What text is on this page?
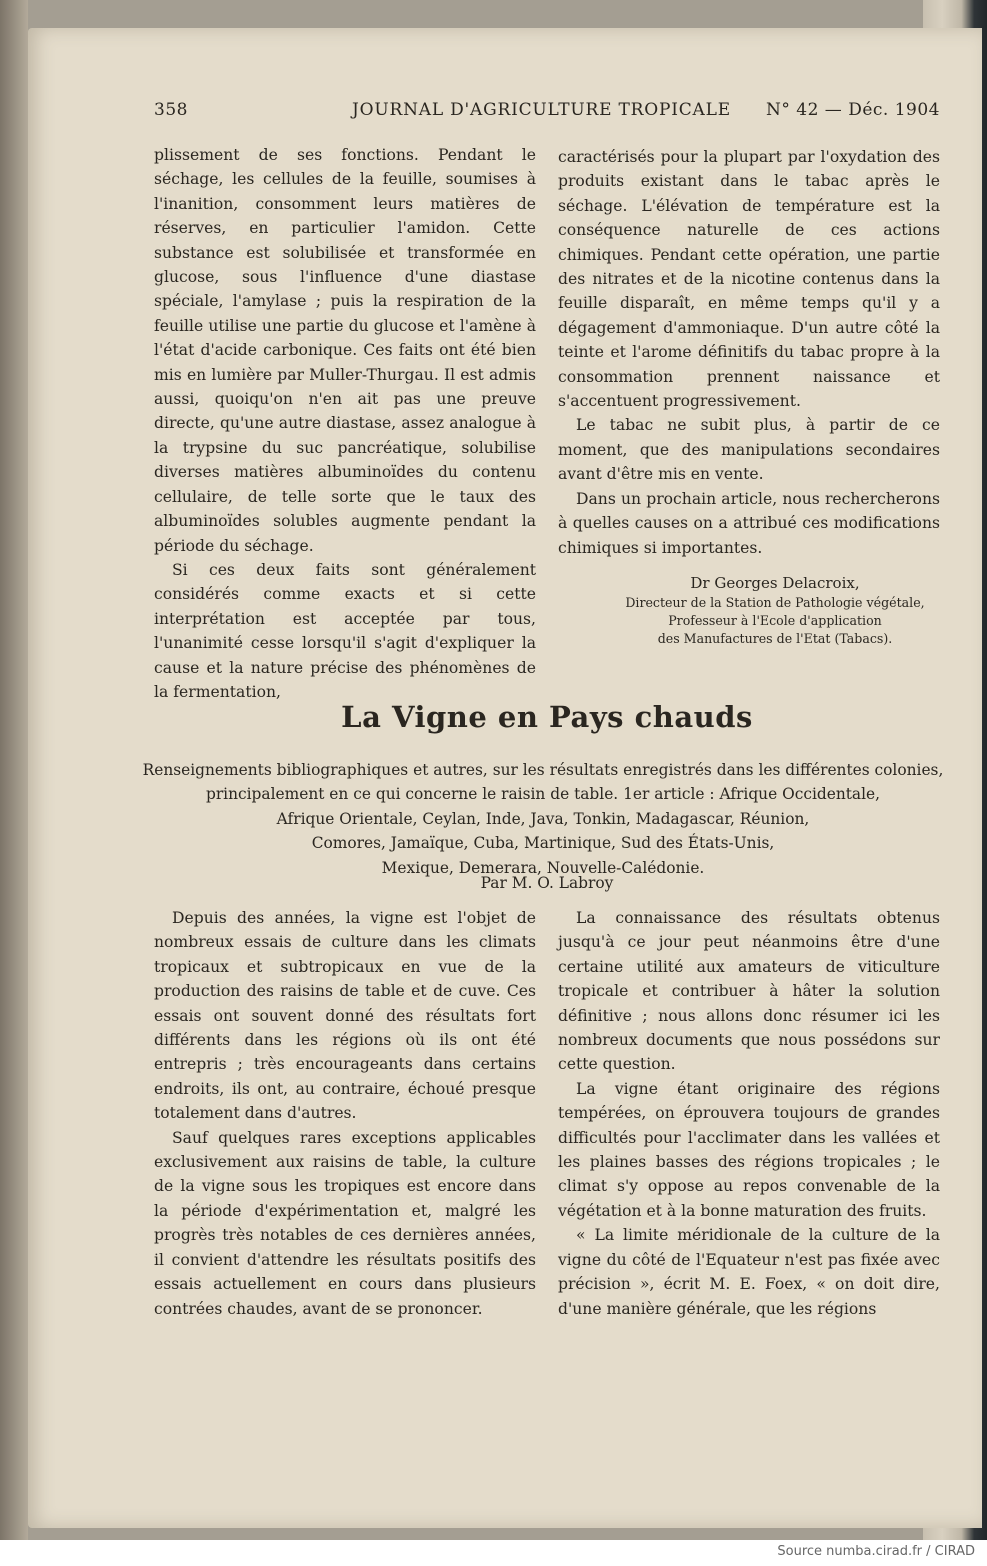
358	JOURNAL D'AGRICULTURE TROPICALE N° 42 — Déc. 1904

plissement de ses fonctions. Pendant le séchage, les cellules de la feuille, soumises à l'inanition, consomment leurs matières de réserves, en particulier l'amidon. Cette substance est solubilisée et transformée en glucose, sous l'influence d'une diastase spéciale, l'amylase ; puis la respiration de la feuille utilise une partie du glucose et l'amène à l'état d'acide carbonique. Ces faits ont été bien mis en lumière par Muller-Thurgau. Il est admis aussi, quoiqu'on n'en ait pas une preuve directe, qu'une autre diastase, assez analogue à la trypsine du suc pancréatique, solubilise diverses matières albuminoïdes du contenu cellulaire, de telle sorte que le taux des albuminoïdes solubles augmente pendant la période du séchage.

Si ces deux faits sont généralement considérés comme exacts et si cette interprétation est acceptée par tous, l'unanimité cesse lorsqu'il s'agit d'expliquer la cause et la nature précise des phénomènes de la fermentation,

caractérisés pour la plupart par l'oxydation des produits existant dans le tabac après le séchage. L'élévation de température est la conséquence naturelle de ces actions chimiques. Pendant cette opération, une partie des nitrates et de la nicotine contenus dans la feuille disparaît, en même temps qu'il y a dégagement d'ammoniaque. D'un autre côté la teinte et l'arome définitifs du tabac propre à la consommation prennent naissance et s'accentuent progressivement.

Le tabac ne subit plus, à partir de ce moment, que des manipulations secondaires avant d'être mis en vente.

Dans un prochain article, nous rechercherons à quelles causes on a attribué ces modifications chimiques si importantes.

Dr Georges Delacroix,
Directeur de la Station de Pathologie végétale,
Professeur à l'Ecole d'application
des Manufactures de l'Etat (Tabacs).
La Vigne en Pays chauds
Renseignements bibliographiques et autres, sur les résultats enregistrés dans les différentes colonies,
principalement en ce qui concerne le raisin de table. 1er article : Afrique Occidentale,
Afrique Orientale, Ceylan, Inde, Java, Tonkin, Madagascar, Réunion,
Comores, Jamaïque, Cuba, Martinique, Sud des États-Unis,
Mexique, Demerara, Nouvelle-Calédonie.
Par M. O. Labroy

Depuis des années, la vigne est l'objet de nombreux essais de culture dans les climats tropicaux et subtropicaux en vue de la production des raisins de table et de cuve. Ces essais ont souvent donné des résultats fort différents dans les régions où ils ont été entrepris ; très encourageants dans certains endroits, ils ont, au contraire, échoué presque totalement dans d'autres.

Sauf quelques rares exceptions applicables exclusivement aux raisins de table, la culture de la vigne sous les tropiques est encore dans la période d'expérimentation et, malgré les progrès très notables de ces dernières années, il convient d'attendre les résultats positifs des essais actuellement en cours dans plusieurs contrées chaudes, avant de se prononcer.

La connaissance des résultats obtenus jusqu'à ce jour peut néanmoins être d'une certaine utilité aux amateurs de viticulture tropicale et contribuer à hâter la solution définitive ; nous allons donc résumer ici les nombreux documents que nous possédons sur cette question.

La vigne étant originaire des régions tempérées, on éprouvera toujours de grandes difficultés pour l'acclimater dans les vallées et les plaines basses des régions tropicales ; le climat s'y oppose au repos convenable de la végétation et à la bonne maturation des fruits.

« La limite méridionale de la culture de la vigne du côté de l'Equateur n'est pas fixée avec précision », écrit M. E. Foex, « on doit dire, d'une manière générale, que les régions

Source numba.cirad.fr / CIRAD
